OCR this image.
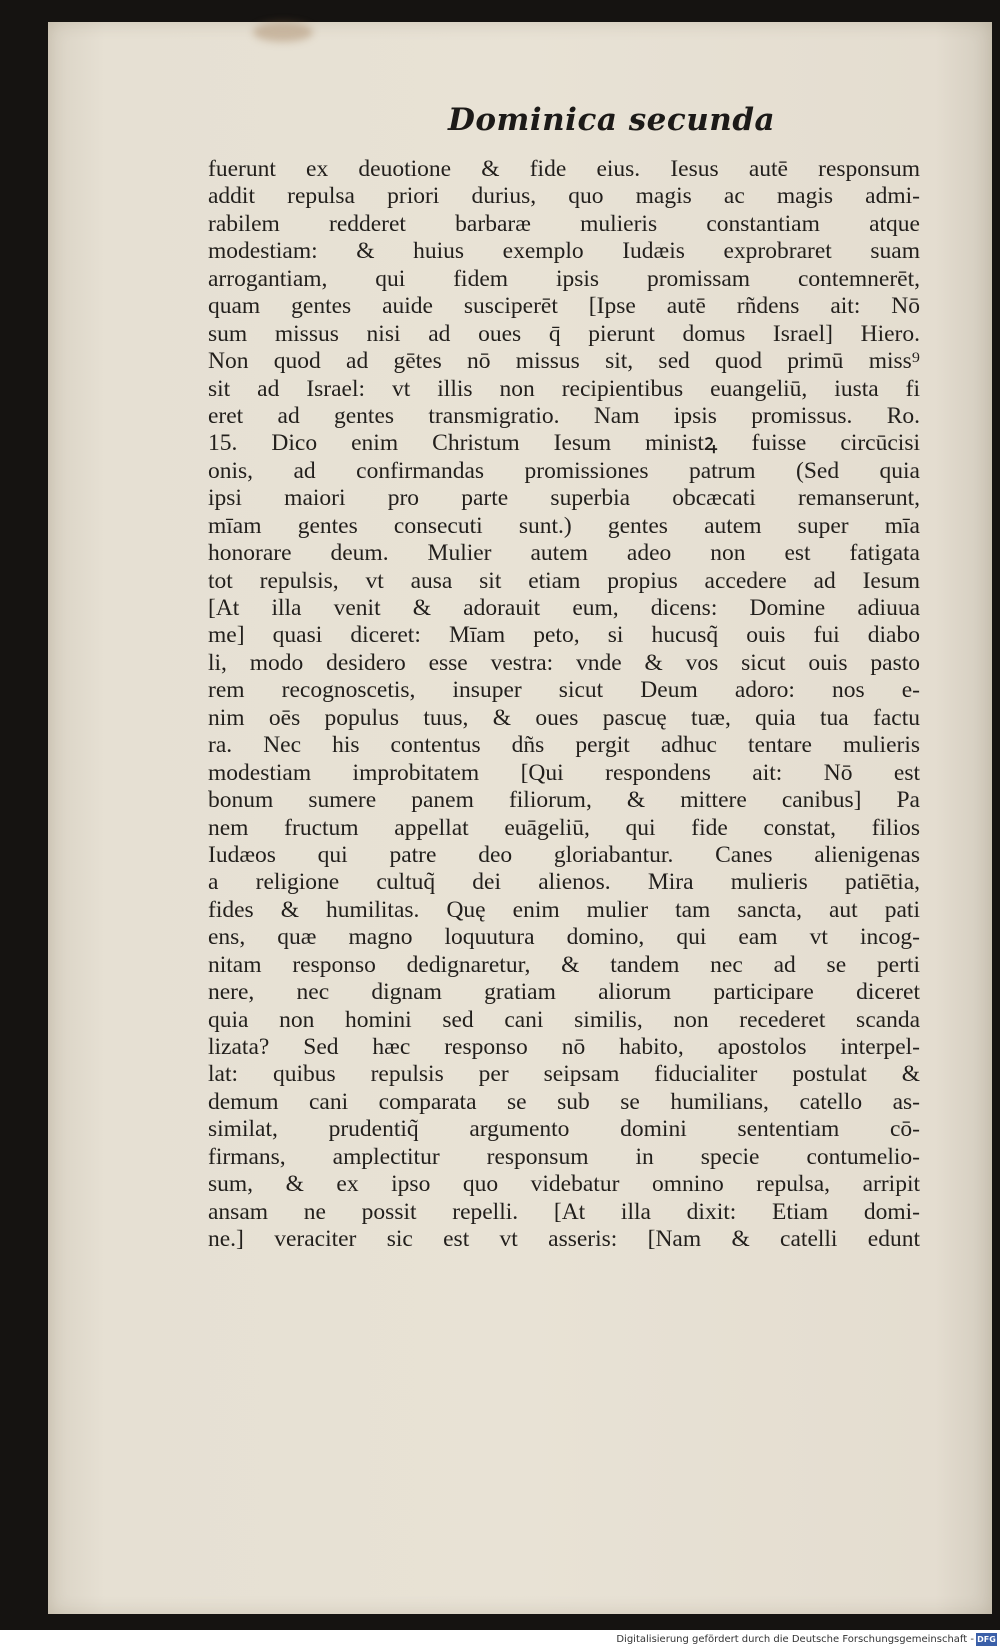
Dominica secunda
fuerunt ex deuotione & fide eius. Iesus autē responsum
addit repulsa priori durius, quo magis ac magis admi-
rabilem redderet barbaræ mulieris constantiam atque
modestiam: & huius exemplo Iudæis exprobraret suam
arrogantiam, qui fidem ipsis promissam contemnerēt,
quam gentes auide susciperēt [Ipse autē rñdens ait: Nō
sum missus nisi ad oues q̄ pierunt domus Israel] Hiero.
Non quod ad gētes nō missus sit, sed quod primū miss⁹
sit ad Israel: vt illis non recipientibus euangeliū, iusta fi
eret ad gentes transmigratio. Nam ipsis promissus. Ro.
15. Dico enim Christum Iesum ministꝝ fuisse circūcisi
onis, ad confirmandas promissiones patrum (Sed quia
ipsi maiori pro parte superbia obcæcati remanserunt,
mīam gentes consecuti sunt.) gentes autem super mīa
honorare deum. Mulier autem adeo non est fatigata
tot repulsis, vt ausa sit etiam propius accedere ad Iesum
[At illa venit & adorauit eum, dicens: Domine adiuua
me] quasi diceret: Mīam peto, si hucusq̃ ouis fui diabo
li, modo desidero esse vestra: vnde & vos sicut ouis pasto
rem recognoscetis, insuper sicut Deum adoro: nos e-
nim oēs populus tuus, & oues pascuę tuæ, quia tua factu
ra. Nec his contentus dñs pergit adhuc tentare mulieris
modestiam improbitatem [Qui respondens ait: Nō est
bonum sumere panem filiorum, & mittere canibus] Pa
nem fructum appellat euāgeliū, qui fide constat, filios
Iudæos qui patre deo gloriabantur. Canes alienigenas
a religione cultuq̃ dei alienos. Mira mulieris patiētia,
fides & humilitas. Quę enim mulier tam sancta, aut pati
ens, quæ magno loquutura domino, qui eam vt incog-
nitam responso dedignaretur, & tandem nec ad se perti
nere, nec dignam gratiam aliorum participare diceret
quia non homini sed cani similis, non recederet scanda
lizata? Sed hæc responso nō habito, apostolos interpel-
lat: quibus repulsis per seipsam fiducialiter postulat &
demum cani comparata se sub se humilians, catello as-
similat, prudentiq̃ argumento domini sententiam cō-
firmans, amplectitur responsum in specie contumelio-
sum, & ex ipso quo videbatur omnino repulsa, arripit
ansam ne possit repelli. [At illa dixit: Etiam domi-
ne.] veraciter sic est vt asseris: [Nam & catelli edunt
Digitalisierung gefördert durch die Deutsche Forschungsgemeinschaft - DFG
